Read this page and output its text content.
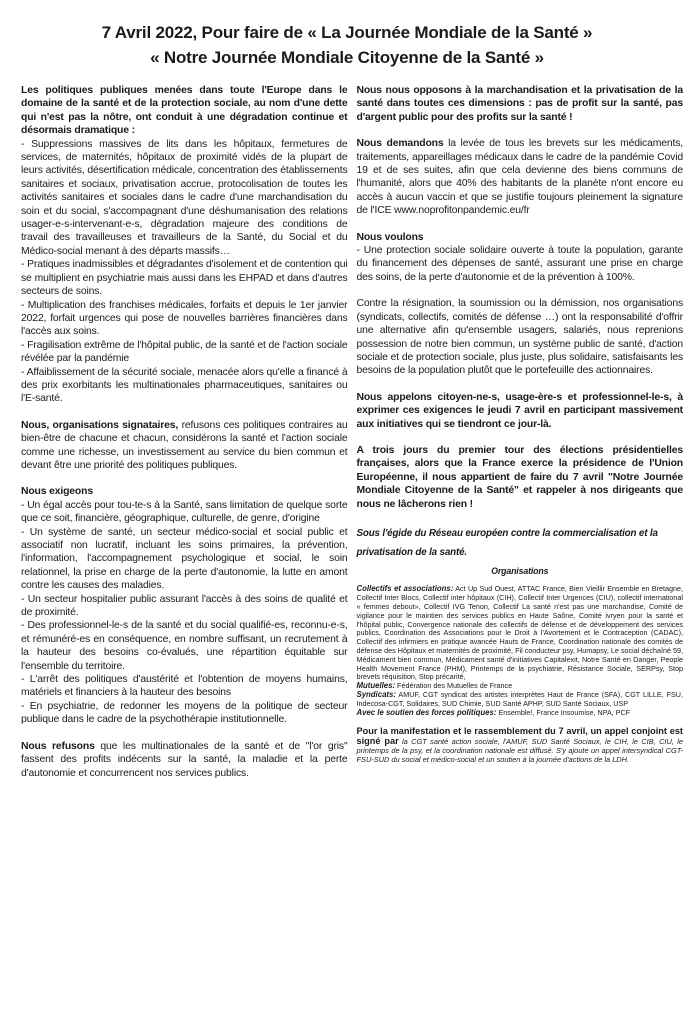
7 Avril 2022, Pour faire de « La Journée Mondiale de la Santé »
« Notre Journée Mondiale Citoyenne de la Santé »

Les politiques publiques menées dans toute l'Europe dans le domaine de la santé et de la protection sociale, au nom d'une dette qui n'est pas la nôtre, ont conduit à une dégradation continue et désormais dramatique :

- Suppressions massives de lits dans les hôpitaux, fermetures de services, de maternités, hôpitaux de proximité vidés de la plupart de leurs activités, désertification médicale, concentration des établissements sanitaires et sociaux, privatisation accrue, protocolisation de toutes les activités sanitaires et sociales dans le cadre d'une marchandisation du soin et du social, s'accompagnant d'une déshumanisation des relations usager-e-s-intervenant-e-s, dégradation majeure des conditions de travail des travailleuses et travailleurs de la Santé, du Social et du Médico-social menant à des départs massifs…

- Pratiques inadmissibles et dégradantes d'isolement et de contention qui se multiplient en psychiatrie mais aussi dans les EHPAD et dans d'autres secteurs de soins.

- Multiplication des franchises médicales, forfaits et depuis le 1er janvier 2022, forfait urgences qui pose de nouvelles barrières financières dans l'accès aux soins.

- Fragilisation extrême de l'hôpital public, de la santé et de l'action sociale révélée par la pandémie

- Affaiblissement de la sécurité sociale, menacée alors qu'elle a financé à des prix exorbitants les multinationales pharmaceutiques, sanitaires ou l'E-santé.

Nous, organisations signataires, refusons ces politiques contraires au bien-être de chacune et chacun, considérons la santé et l'action sociale comme une richesse, un investissement au service du bien commun et devant être une priorité des politiques publiques.

Nous exigeons

- Un égal accès pour tou-te-s à la Santé, sans limitation de quelque sorte que ce soit, financière, géographique, culturelle, de genre, d'origine

- Un système de santé, un secteur médico-social et social public et associatif non lucratif, incluant les soins primaires, la prévention, l'information, l'accompagnement psychologique et social, le soin relationnel, la prise en charge de la perte d'autonomie, la lutte en amont contre les causes des maladies.

- Un secteur hospitalier public assurant l'accès à des soins de qualité et de proximité.

- Des professionnel-le-s de la santé et du social qualifié-es, reconnu-e-s, et rémunéré-es en conséquence, en nombre suffisant, un recrutement à la hauteur des besoins co-évalués, une répartition équitable sur l'ensemble du territoire.

- L'arrêt des politiques d'austérité et l'obtention de moyens humains, matériels et financiers à la hauteur des besoins

- En psychiatrie, de redonner les moyens de la politique de secteur publique dans le cadre de la psychothérapie institutionnelle.

Nous refusons que les multinationales de la santé et de "l'or gris" fassent des profits indécents sur la santé, la maladie et la perte d'autonomie et concurrencent nos services publics.

Nous nous opposons à la marchandisation et la privatisation de la santé dans toutes ces dimensions : pas de profit sur la santé, pas d'argent public pour des profits sur la santé !

Nous demandons la levée de tous les brevets sur les médicaments, traitements, appareillages médicaux dans le cadre de la pandémie Covid 19 et de ses suites, afin que cela devienne des biens communs de l'humanité, alors que 40% des habitants de la planète n'ont encore eu accès à aucun vaccin et que se justifie toujours pleinement la signature de l'ICE www.noprofitonpandemic.eu/fr

Nous voulons

- Une protection sociale solidaire ouverte à toute la population, garante du financement des dépenses de santé, assurant une prise en charge des soins, de la perte d'autonomie et de la prévention à 100%.

Contre la résignation, la soumission ou la démission, nos organisations (syndicats, collectifs, comités de défense …) ont la responsabilité d'offrir une alternative afin qu'ensemble usagers, salariés, nous reprenions possession de notre bien commun, un système public de santé, d'action sociale et de protection sociale, plus juste, plus solidaire, satisfaisants les besoins de la population plutôt que le portefeuille des actionnaires.

Nous appelons citoyen-ne-s, usage-ère-s et professionnel-le-s, à exprimer ces exigences le jeudi 7 avril en participant massivement aux initiatives qui se tiendront ce jour-là.

A trois jours du premier tour des élections présidentielles françaises, alors que la France exerce la présidence de l'Union Européenne, il nous appartient de faire du 7 avril "Notre Journée Mondiale Citoyenne de la Santé" et rappeler à nos dirigeants que nous ne lâcherons rien !

Sous l'égide du Réseau européen contre la commercialisation et la privatisation de la santé.

Organisations

Collectifs et associations: Act Up Sud Ouest, ATTAC France, Bien Vieillir Ensemble en Bretagne, Collectif Inter Blocs, Collectif inter hôpitaux (CIH), Collectif Inter Urgences (CIU), collectif international « femmes debout», Collectif IVG Tenon, Collectif La santé n'est pas une marchandise, Comité de vigilance pour le maintien des services publics en Haute Saône, Comité ivryen pour la santé et l'hôpital public, Convergence nationale des collectifs de défense et de développement des services publics, Coordination des Associations pour le Droit à l'Avortement et le Contraception (CADAC), Collectif des infirmiers en pratique avancée Hauts de France, Coordination nationale des comités de défense des Hôpitaux et maternités de proximité, Fil conducteur psy, Humapsy, Le social déchaîné 59, Médicament bien commun, Médicament santé d'initiatives Capitalexit, Notre Santé en Danger, People Health Movement France (PHM), Printemps de la psychiatrie, Résistance Sociale, SERPsy, Stop brevets réquisition, Stop précarité,

Mutuelles: Fédération des Mutuelles de France

Syndicats: AMUF, CGT syndicat des artistes interprètes Haut de France (SFA), CGT LILLE, FSU, Indecosa-CGT, Solidaires, SUD Chimie, SUD Santé APHP, SUD Santé Sociaux, USP

Avec le soutien des forces politiques: Ensemble!, France Insoumise, NPA, PCF

Pour la manifestation et le rassemblement du 7 avril, un appel conjoint est signé par la CGT santé action sociale, l'AMUF, SUD Santé Sociaux, le CIH, le CIB, CIU, le printemps de la psy, et la coordination nationale est diffusé. S'y ajoute un appel intersyndical CGT-FSU-SUD du social et médico-social et un soutien à la journée d'actions de la LDH.
